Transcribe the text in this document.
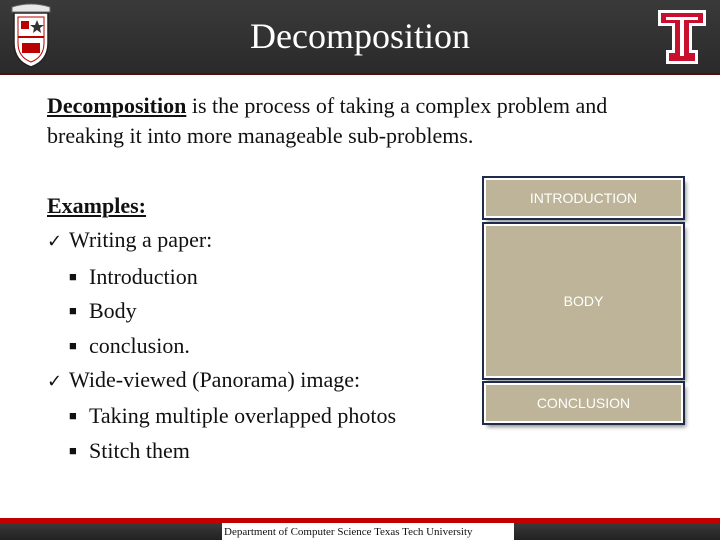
Decomposition
Decomposition is the process of taking a complex problem and breaking it into more manageable sub-problems.
Examples:
✓ Writing a paper:
■ Introduction
■ Body
■ conclusion.
✓ Wide-viewed (Panorama) image:
■ Taking multiple overlapped photos
■ Stitch them
INTRODUCTION
BODY
CONCLUSION
Department of Computer Science Texas Tech University
